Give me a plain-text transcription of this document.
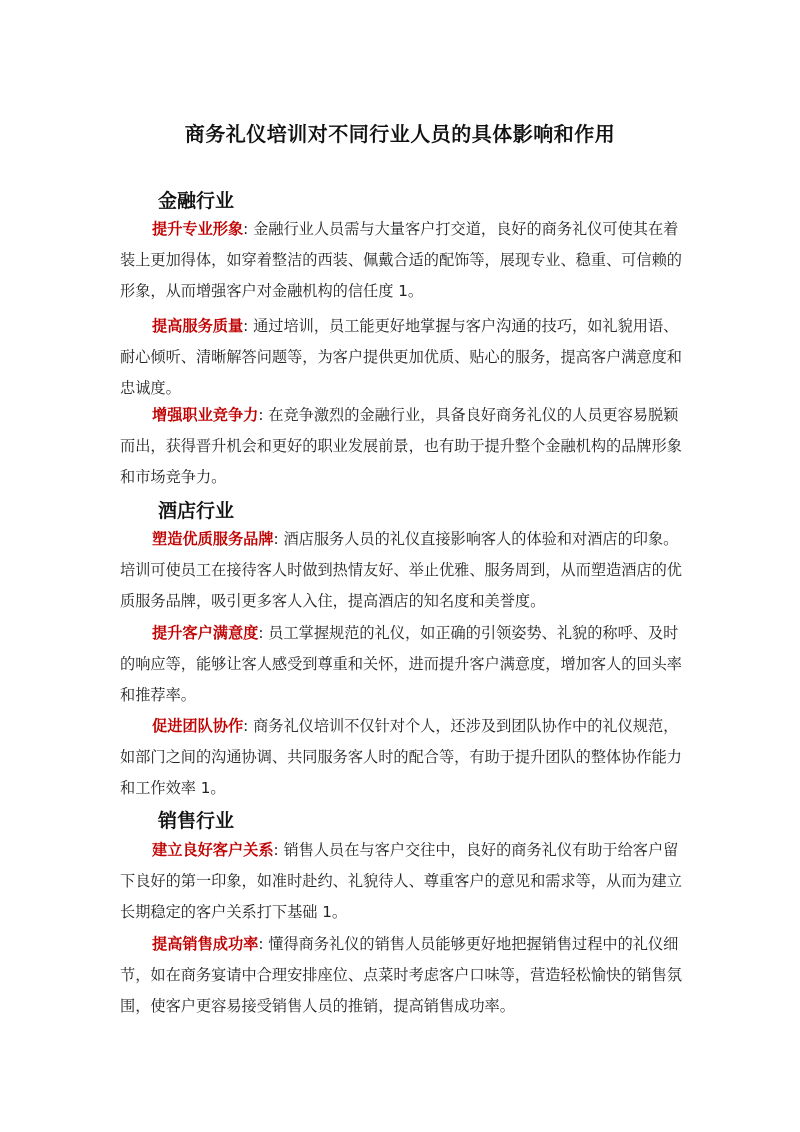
商务礼仪培训对不同行业人员的具体影响和作用
金融行业

提升专业形象: 金融行业人员需与大量客户打交道，良好的商务礼仪可使其在着装上更加得体，如穿着整洁的西装、佩戴合适的配饰等，展现专业、稳重、可信赖的形象，从而增强客户对金融机构的信任度 1。

提高服务质量: 通过培训，员工能更好地掌握与客户沟通的技巧，如礼貌用语、耐心倾听、清晰解答问题等，为客户提供更加优质、贴心的服务，提高客户满意度和忠诚度。

增强职业竞争力: 在竞争激烈的金融行业，具备良好商务礼仪的人员更容易脱颖而出，获得晋升机会和更好的职业发展前景，也有助于提升整个金融机构的品牌形象和市场竞争力。

酒店行业

塑造优质服务品牌: 酒店服务人员的礼仪直接影响客人的体验和对酒店的印象。培训可使员工在接待客人时做到热情友好、举止优雅、服务周到，从而塑造酒店的优质服务品牌，吸引更多客人入住，提高酒店的知名度和美誉度。

提升客户满意度: 员工掌握规范的礼仪，如正确的引领姿势、礼貌的称呼、及时的响应等，能够让客人感受到尊重和关怀，进而提升客户满意度，增加客人的回头率和推荐率。

促进团队协作: 商务礼仪培训不仅针对个人，还涉及到团队协作中的礼仪规范，如部门之间的沟通协调、共同服务客人时的配合等，有助于提升团队的整体协作能力和工作效率 1。

销售行业

建立良好客户关系: 销售人员在与客户交往中，良好的商务礼仪有助于给客户留下良好的第一印象，如准时赴约、礼貌待人、尊重客户的意见和需求等，从而为建立长期稳定的客户关系打下基础 1。

提高销售成功率: 懂得商务礼仪的销售人员能够更好地把握销售过程中的礼仪细节，如在商务宴请中合理安排座位、点菜时考虑客户口味等，营造轻松愉快的销售氛围，使客户更容易接受销售人员的推销，提高销售成功率。
